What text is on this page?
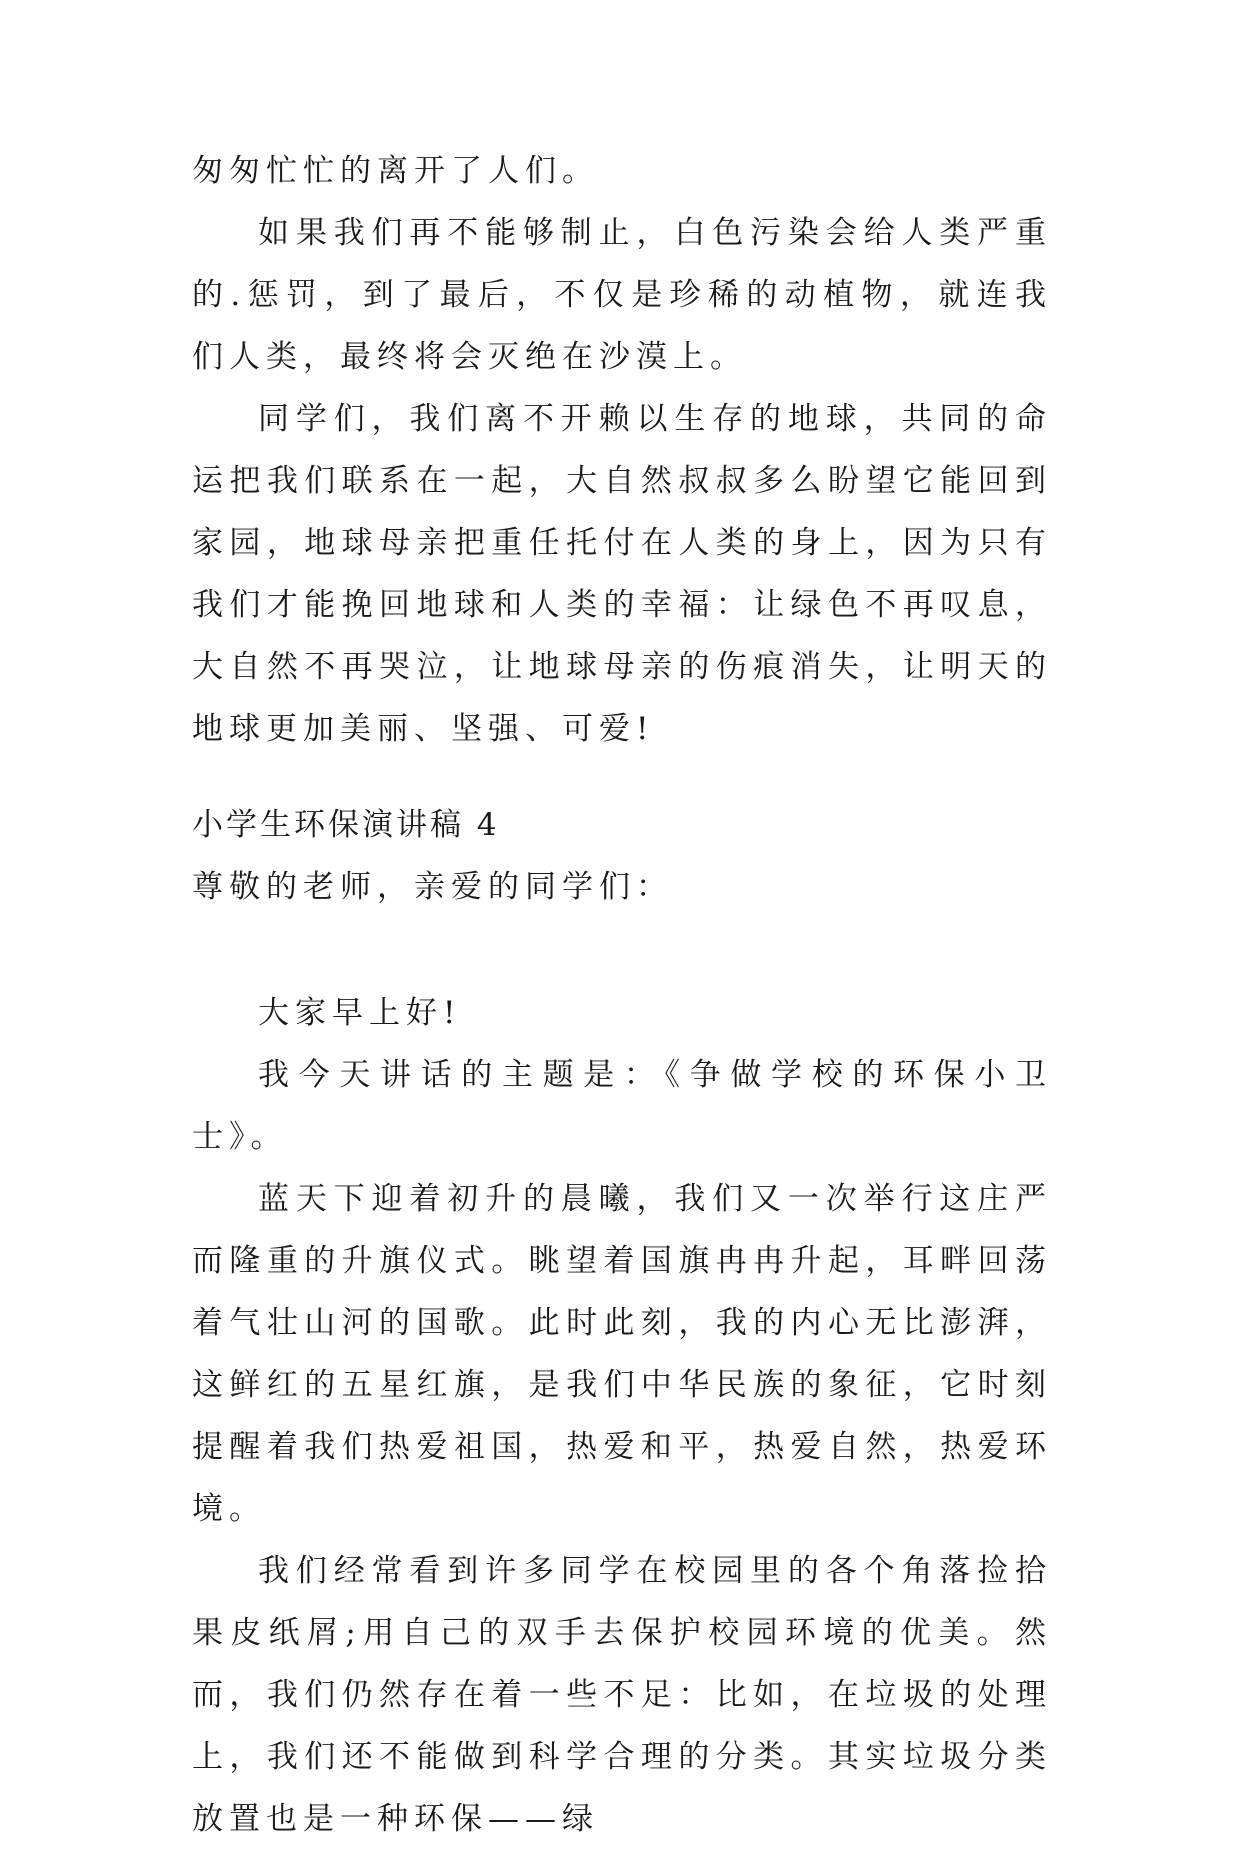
匆匆忙忙的离开了人们。

如果我们再不能够制止，白色污染会给人类严重的.惩罚，到了最后，不仅是珍稀的动植物，就连我们人类，最终将会灭绝在沙漠上。

同学们，我们离不开赖以生存的地球，共同的命运把我们联系在一起，大自然叔叔多么盼望它能回到家园，地球母亲把重任托付在人类的身上，因为只有我们才能挽回地球和人类的幸福：让绿色不再叹息，大自然不再哭泣，让地球母亲的伤痕消失，让明天的地球更加美丽、坚强、可爱!

小学生环保演讲稿 4

尊敬的老师，亲爱的同学们：

大家早上好!

我今天讲话的主题是：《争做学校的环保小卫士》。

蓝天下迎着初升的晨曦，我们又一次举行这庄严而隆重的升旗仪式。眺望着国旗冉冉升起，耳畔回荡着气壮山河的国歌。此时此刻，我的内心无比澎湃，这鲜红的五星红旗，是我们中华民族的象征，它时刻提醒着我们热爱祖国，热爱和平，热爱自然，热爱环境。

我们经常看到许多同学在校园里的各个角落捡拾果皮纸屑;用自己的双手去保护校园环境的优美。然而，我们仍然存在着一些不足：比如，在垃圾的处理上，我们还不能做到科学合理的分类。其实垃圾分类放置也是一种环保——绿
